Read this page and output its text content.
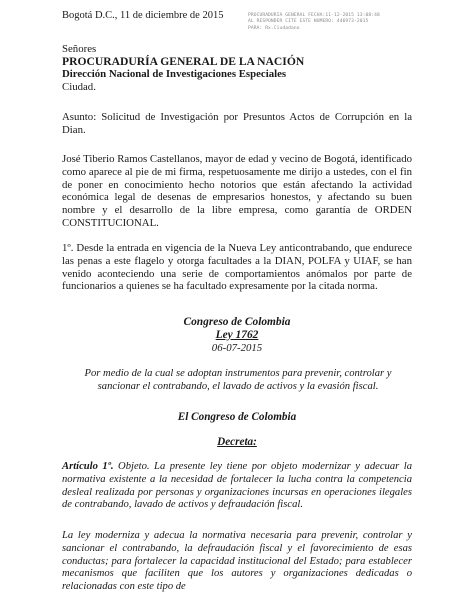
Bogotá D.C., 11 de diciembre de 2015	PROCURADURIA GENERAL FECHA:11-12-2015 13:08:48
AL RESPONDER CITE ESTE NUMERO: 446973-2015
PARA: Rx.Ciudadano

Señores

PROCURADURÍA GENERAL DE LA NACIÓN

Dirección Nacional de Investigaciones Especiales

Ciudad.

Asunto: Solicitud de Investigación por Presuntos Actos de Corrupción en la Dian.

José Tiberio Ramos Castellanos, mayor de edad y vecino de Bogotá, identificado como aparece al pie de mi firma, respetuosamente me dirijo a ustedes, con el fin de poner en conocimiento hecho notorios que están afectando la actividad económica legal de desenas de empresarios honestos, y afectando su buen nombre y el desarrollo de la libre empresa, como garantía de ORDEN CONSTITUCIONAL.

1º. Desde la entrada en vigencia de la Nueva Ley anticontrabando, que endurece las penas a este flagelo y otorga facultades a la DIAN, POLFA y UIAF, se han venido aconteciendo una serie de comportamientos anómalos por parte de funcionarios a quienes se ha facultado expresamente por la citada norma.

Congreso de Colombia

Ley 1762

06-07-2015

Por medio de la cual se adoptan instrumentos para prevenir, controlar y sancionar el contrabando, el lavado de activos y la evasión fiscal.

El Congreso de Colombia

Decreta:

Artículo 1º. Objeto. La presente ley tiene por objeto modernizar y adecuar la normativa existente a la necesidad de fortalecer la lucha contra la competencia desleal realizada por personas y organizaciones incursas en operaciones ilegales de contrabando, lavado de activos y defraudación fiscal.

La ley moderniza y adecua la normativa necesaria para prevenir, controlar y sancionar el contrabando, la defraudación fiscal y el favorecimiento de esas conductas; para fortalecer la capacidad institucional del Estado; para establecer mecanismos que faciliten que los autores y organizaciones dedicadas o relacionadas con este tipo de
